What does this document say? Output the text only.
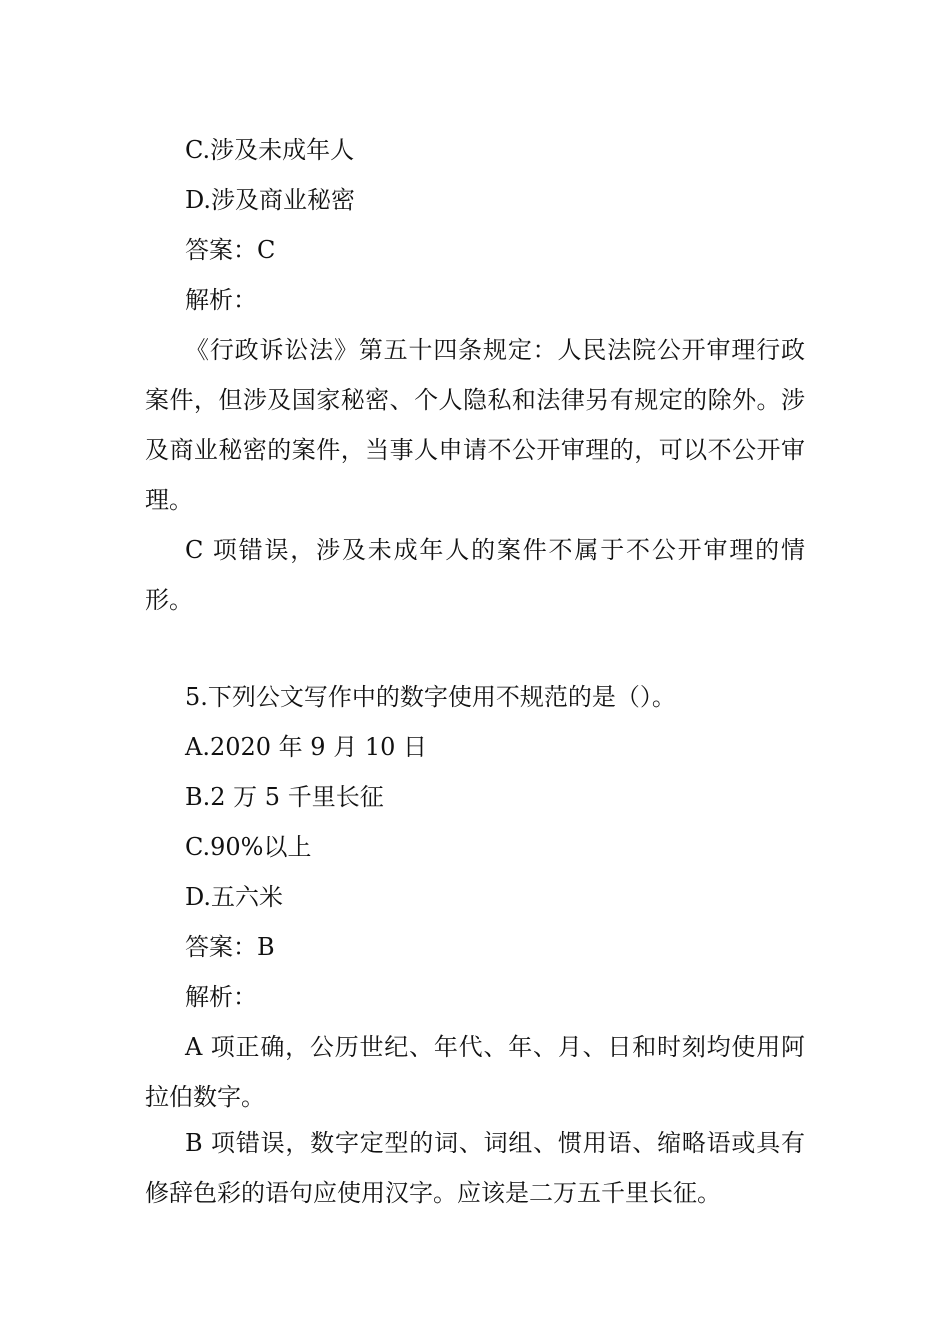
C.涉及未成年人
D.涉及商业秘密
答案：C
解析：

《行政诉讼法》第五十四条规定：人民法院公开审理行政案件，但涉及国家秘密、个人隐私和法律另有规定的除外。涉及商业秘密的案件，当事人申请不公开审理的，可以不公开审理。

C 项错误，涉及未成年人的案件不属于不公开审理的情形。

5.下列公文写作中的数字使用不规范的是（）。
A.2020 年 9 月 10 日
B.2 万 5 千里长征
C.90%以上
D.五六米
答案：B
解析：

A 项正确，公历世纪、年代、年、月、日和时刻均使用阿拉伯数字。

B 项错误，数字定型的词、词组、惯用语、缩略语或具有修辞色彩的语句应使用汉字。应该是二万五千里长征。
